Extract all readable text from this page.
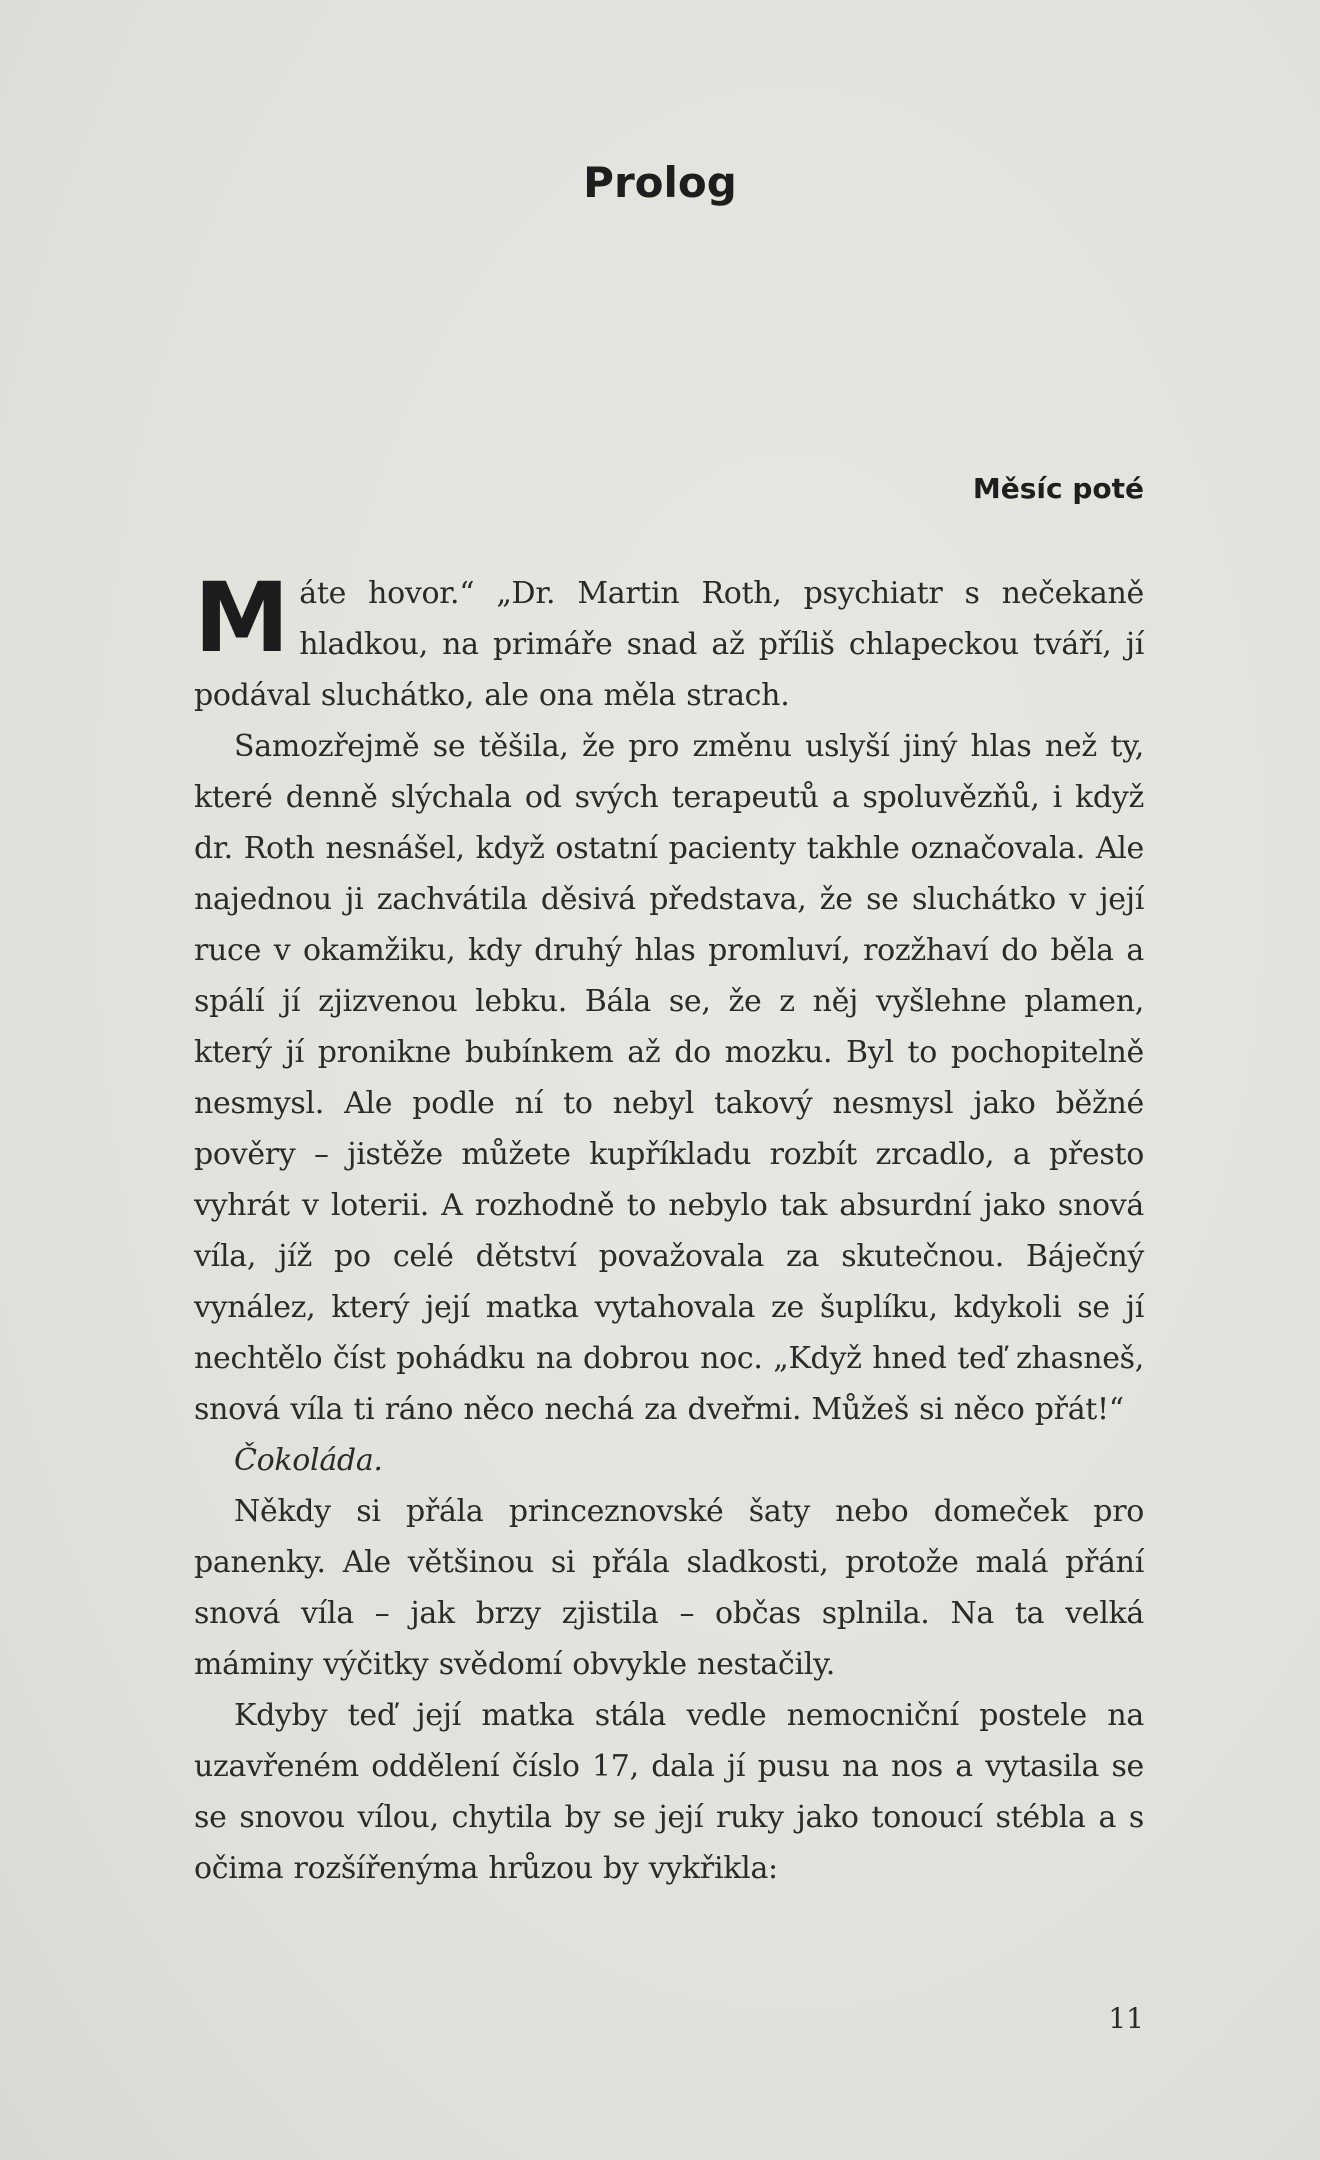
Prolog
Měsíc poté

Máte hovor.“ „Dr. Martin Roth, psychiatr s nečekaně hladkou, na primáře snad až příliš chlapeckou tváří, jí podával sluchátko, ale ona měla strach.

Samozřejmě se těšila, že pro změnu uslyší jiný hlas než ty, které denně slýchala od svých terapeutů a spoluvězňů, i když dr. Roth nesnášel, když ostatní pacienty takhle označovala. Ale najednou ji zachvátila děsivá představa, že se sluchátko v její ruce v okamžiku, kdy druhý hlas promluví, rozžhaví do běla a spálí jí zjizvenou lebku. Bála se, že z něj vyšlehne plamen, který jí pronikne bubínkem až do mozku. Byl to pochopitelně nesmysl. Ale podle ní to nebyl takový nesmysl jako běžné pověry – jistěže můžete kupříkladu rozbít zrcadlo, a přesto vyhrát v loterii. A rozhodně to nebylo tak absurdní jako snová víla, jíž po celé dětství považovala za skutečnou. Báječný vynález, který její matka vytahovala ze šuplíku, kdykoli se jí nechtělo číst pohádku na dobrou noc. „Když hned teď zhasneš, snová víla ti ráno něco nechá za dveřmi. Můžeš si něco přát!“

Čokoláda.

Někdy si přála princeznovské šaty nebo domeček pro panenky. Ale většinou si přála sladkosti, protože malá přání snová víla – jak brzy zjistila – občas splnila. Na ta velká máminy výčitky svědomí obvykle nestačily.

Kdyby teď její matka stála vedle nemocniční postele na uzavřeném oddělení číslo 17, dala jí pusu na nos a vytasila se se snovou vílou, chytila by se její ruky jako tonoucí stébla a s očima rozšířenýma hrůzou by vykřikla:

11
